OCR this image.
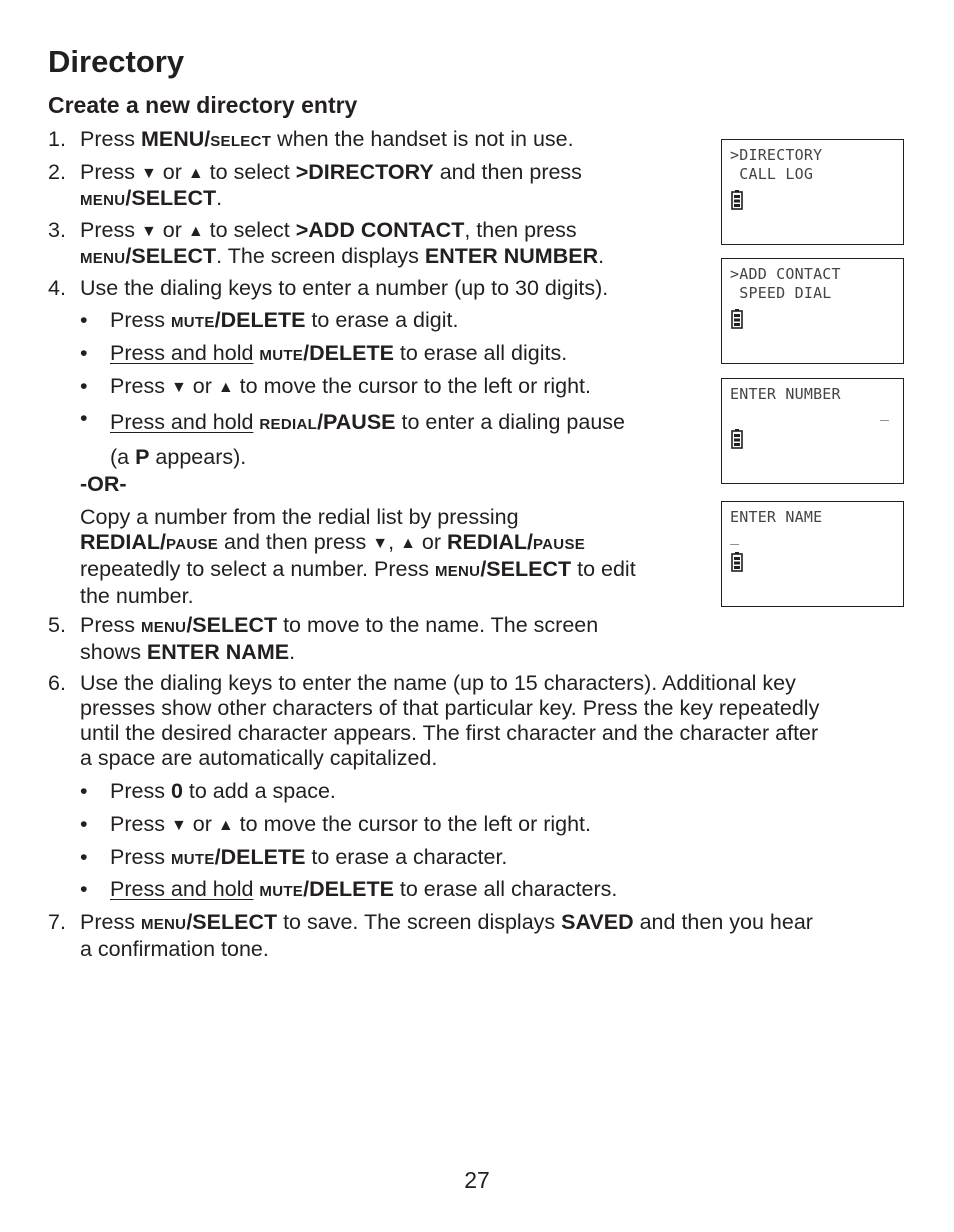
Directory
Create a new directory entry
1. Press MENU/SELECT when the handset is not in use.
2. Press ▼ or ▲ to select >DIRECTORY and then press
MENU/SELECT.
3. Press ▼ or ▲ to select >ADD CONTACT, then press
MENU/SELECT. The screen displays ENTER NUMBER.
4. Use the dialing keys to enter a number (up to 30 digits).
• Press MUTE/DELETE to erase a digit.
• Press and hold MUTE/DELETE to erase all digits.
• Press ▼ or ▲ to move the cursor to the left or right.
• Press and hold REDIAL/PAUSE to enter a dialing pause
(a P appears).
-OR-
Copy a number from the redial list by pressing
REDIAL/PAUSE and then press ▼, ▲ or REDIAL/PAUSE
repeatedly to select a number. Press MENU/SELECT to edit
the number.
5. Press MENU/SELECT to move to the name. The screen
shows ENTER NAME.
6. Use the dialing keys to enter the name (up to 15 characters). Additional key
presses show other characters of that particular key. Press the key repeatedly
until the desired character appears. The first character and the character after
a space are automatically capitalized.
• Press 0 to add a space.
• Press ▼ or ▲ to move the cursor to the left or right.
• Press MUTE/DELETE to erase a character.
• Press and hold MUTE/DELETE to erase all characters.
7. Press MENU/SELECT to save. The screen displays SAVED and then you hear
a confirmation tone.
>DIRECTORY
CALL LOG
>ADD CONTACT
SPEED DIAL
ENTER NUMBER
_
ENTER NAME
_
27
